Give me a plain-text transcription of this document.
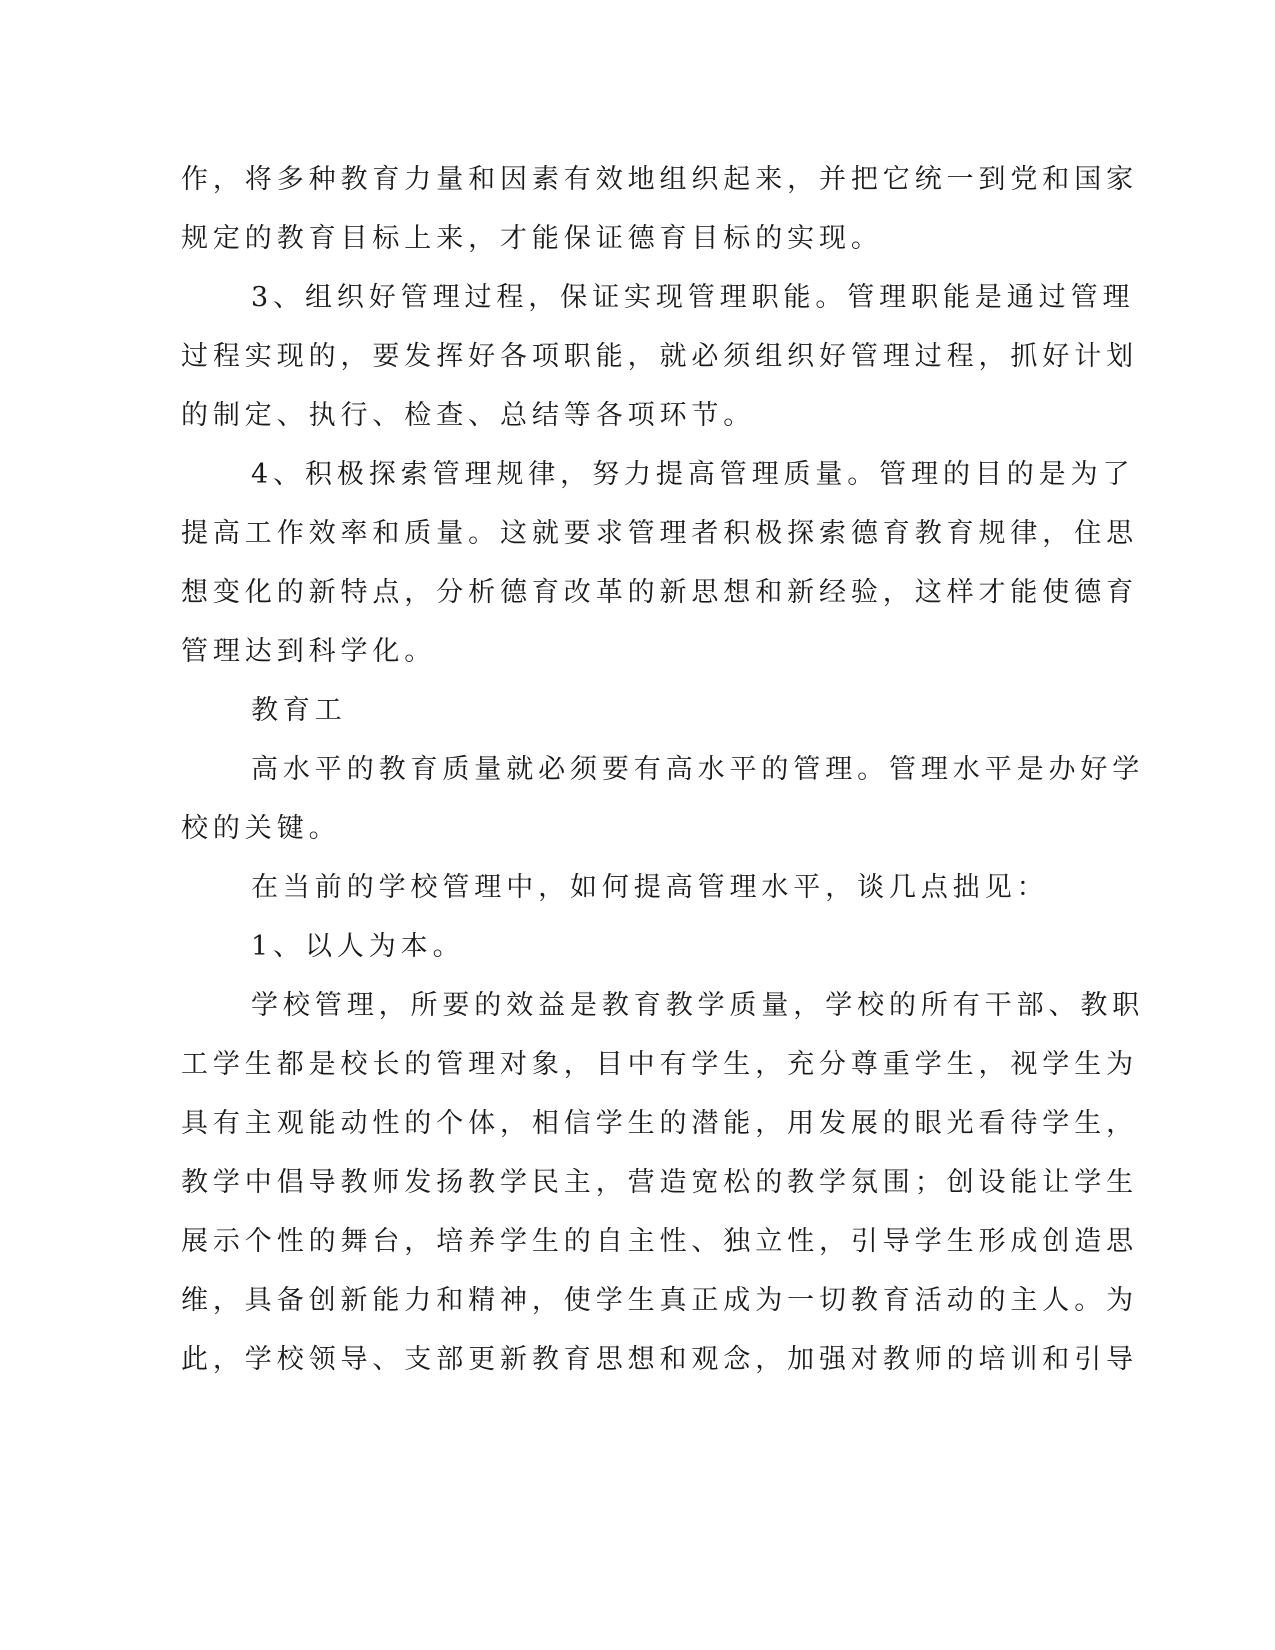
作，将多种教育力量和因素有效地组织起来，并把它统一到党和国家
规定的教育目标上来，才能保证德育目标的实现。
3、组织好管理过程，保证实现管理职能。管理职能是通过管理
过程实现的，要发挥好各项职能，就必须组织好管理过程，抓好计划
的制定、执行、检查、总结等各项环节。
4、积极探索管理规律，努力提高管理质量。管理的目的是为了
提高工作效率和质量。这就要求管理者积极探索德育教育规律，住思
想变化的新特点，分析德育改革的新思想和新经验，这样才能使德育
管理达到科学化。
教育工
高水平的教育质量就必须要有高水平的管理。管理水平是办好学
校的关键。
在当前的学校管理中，如何提高管理水平，谈几点拙见：
1、以人为本。
学校管理，所要的效益是教育教学质量，学校的所有干部、教职
工学生都是校长的管理对象，目中有学生，充分尊重学生，视学生为
具有主观能动性的个体，相信学生的潜能，用发展的眼光看待学生，
教学中倡导教师发扬教学民主，营造宽松的教学氛围；创设能让学生
展示个性的舞台，培养学生的自主性、独立性，引导学生形成创造思
维，具备创新能力和精神，使学生真正成为一切教育活动的主人。为
此，学校领导、支部更新教育思想和观念，加强对教师的培训和引导
